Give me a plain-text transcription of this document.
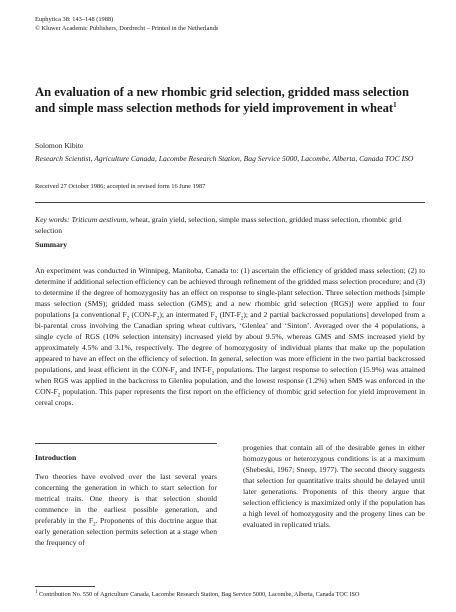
Euphytica 38: 143–148 (1988)
© Kluwer Academic Publishers, Dordrecht – Printed in the Netherlands
An evaluation of a new rhombic grid selection, gridded mass selection and simple mass selection methods for yield improvement in wheat$^1$
Solomon Kibite
Research Scientist, Agriculture Canada, Lacombe Research Station, Bag Service 5000, Lacombe, Alberta, Canada TOC ISO
Received 27 October 1986; accepted in revised form 16 June 1987
Key words: Triticum aestivum, wheat, grain yield, selection, simple mass selection, gridded mass selection, rhombic grid selection
Summary

An experiment was conducted in Winnipeg, Manitoba, Canada to: (1) ascertain the efficiency of gridded mass selection; (2) to determine if additional selection efficiency can be achieved through refinement of the gridded mass selection procedure; and (3) to determine if the degree of homozygosity has an effect on response to single-plant selection. Three selection methods [simple mass selection (SMS); gridded mass selection (GMS); and a new rhombic grid selection (RGS)] were applied to four populations [a conventional $F_2$ $(CON-F_2)$; an intermated $F_2$ $(INT-F_2)$; and 2 partial backcrossed populations] developed from a bi-parental cross involving the Canadian spring wheat cultivars, ‘Glenlea’ and ‘Sinton’. Averaged over the 4 populations, a single cycle of RGS (10% selection intensity) increased yield by about 9.5%, whereas GMS and SMS increased yield by approximately 4.5% and 3.1%, respectively. The degree of homozygosity of individual plants that make up the population appeared to have an effect on the efficiency of selection. In general, selection was more efficient in the two partial backcrossed populations, and least efficient in the CON-$F_2$ and INT-$F_2$ populations. The largest response to selection (15.9%) was attained when RGS was applied in the backcross to Glenlea population, and the lowest response (1.2%) when SMS was enforced in the CON-$F_2$ population. This paper represents the first report on the efficiency of rhombic grid selection for yield improvement in cereal crops.

Introduction

Two theories have evolved over the last several years concerning the generation in which to start selection for metrical traits. One theory is that selection should commence in the earliest possible generation, and preferably in the $F_2$. Proponents of this doctrine argue that early generation selection permits selection at a stage when the frequency of

progenies that contain all of the desirable genes in either homozygous or heterozygous conditions is at a maximum (Shebeski, 1967; Sneep, 1977). The second theory suggests that selection for quantitative traits should be delayed until later generations. Proponents of this theory argue that selection efficiency is maximized only if the population has a high level of homozygosity and the progeny lines can be evaluated in replicated trials.

$^1$ Contribution No. 550 of Agriculture Canada, Lacombe Research Station, Bag Service 5000, Lacombe, Alberta, Canada TOC ISO
